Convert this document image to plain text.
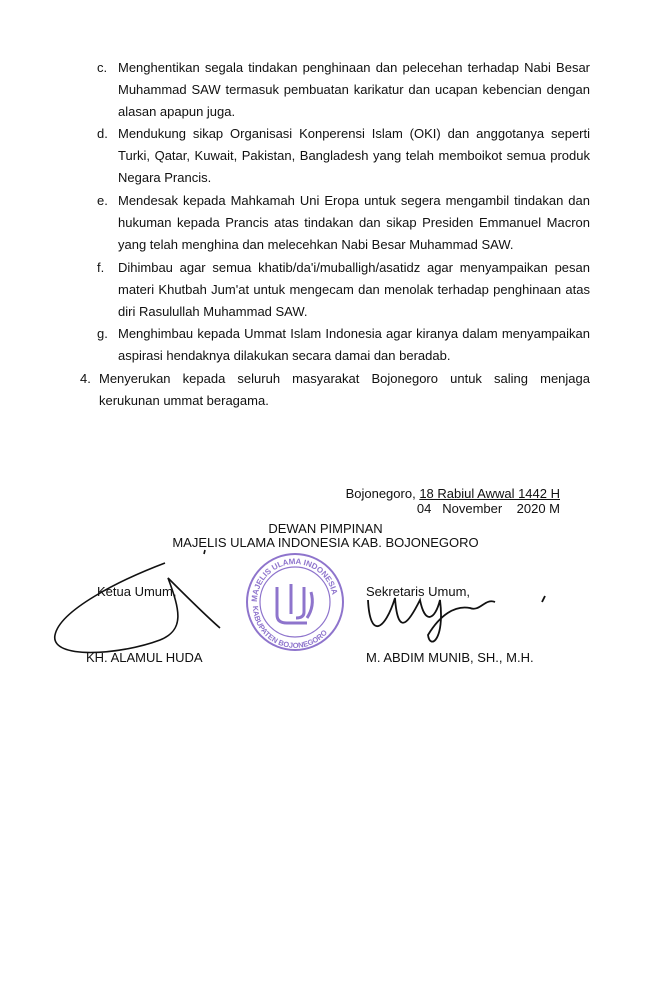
c. Menghentikan segala tindakan penghinaan dan pelecehan terhadap Nabi Besar Muhammad SAW termasuk pembuatan karikatur dan ucapan kebencian dengan alasan apapun juga.
d. Mendukung sikap Organisasi Konperensi Islam (OKI) dan anggotanya seperti Turki, Qatar, Kuwait, Pakistan, Bangladesh yang telah memboikot semua produk Negara Prancis.
e. Mendesak kepada Mahkamah Uni Eropa untuk segera mengambil tindakan dan hukuman kepada Prancis atas tindakan dan sikap Presiden Emmanuel Macron yang telah menghina dan melecehkan Nabi Besar Muhammad SAW.
f. Dihimbau agar semua khatib/da'i/muballigh/asatidz agar menyampaikan pesan materi Khutbah Jum'at untuk mengecam dan menolak terhadap penghinaan atas diri Rasulullah Muhammad SAW.
g. Menghimbau kepada Ummat Islam Indonesia agar kiranya dalam menyampaikan aspirasi hendaknya dilakukan secara damai dan beradab.
4. Menyerukan kepada seluruh masyarakat Bojonegoro untuk saling menjaga kerukunan ummat beragama.
Bojonegoro, 18 Rabiul Awwal 1442 H
04   November    2020 M
DEWAN PIMPINAN
MAJELIS ULAMA INDONESIA KAB. BOJONEGORO
MAJELIS ULAMA INDONESIA
KABUPATEN BOJONEGORO
Ketua Umum,	Sekretaris Umum,
KH. ALAMUL HUDA	M. ABDIM MUNIB, SH., M.H.
